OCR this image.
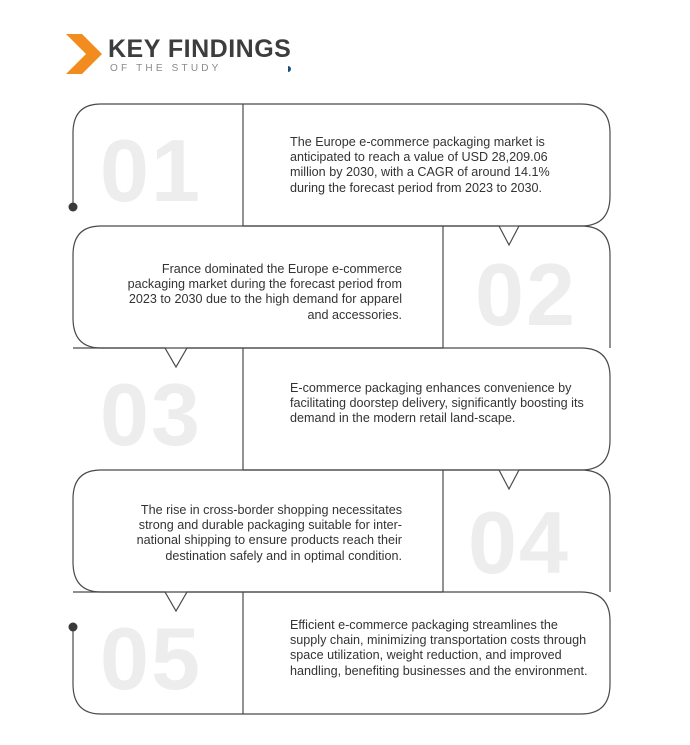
KEY FINDINGS
OF THE STUDY
01	The Europe e-commerce packaging market is anticipated to reach a value of USD 28,209.06 million by 2030, with a CAGR of around 14.1% during the forecast period from 2023 to 2030.
02
France dominated the Europe e-commerce packaging market during the forecast period from 2023 to 2030 due to the high demand for apparel and accessories.
03	E-commerce packaging enhances convenience by facilitating doorstep delivery, significantly boosting its demand in the modern retail land-scape.
04
The rise in cross-border shopping necessitates strong and durable packaging suitable for inter-national shipping to ensure products reach their destination safely and in optimal condition.
05	Efficient e-commerce packaging streamlines the supply chain, minimizing transportation costs through space utilization, weight reduction, and improved handling, benefiting businesses and the environment.
